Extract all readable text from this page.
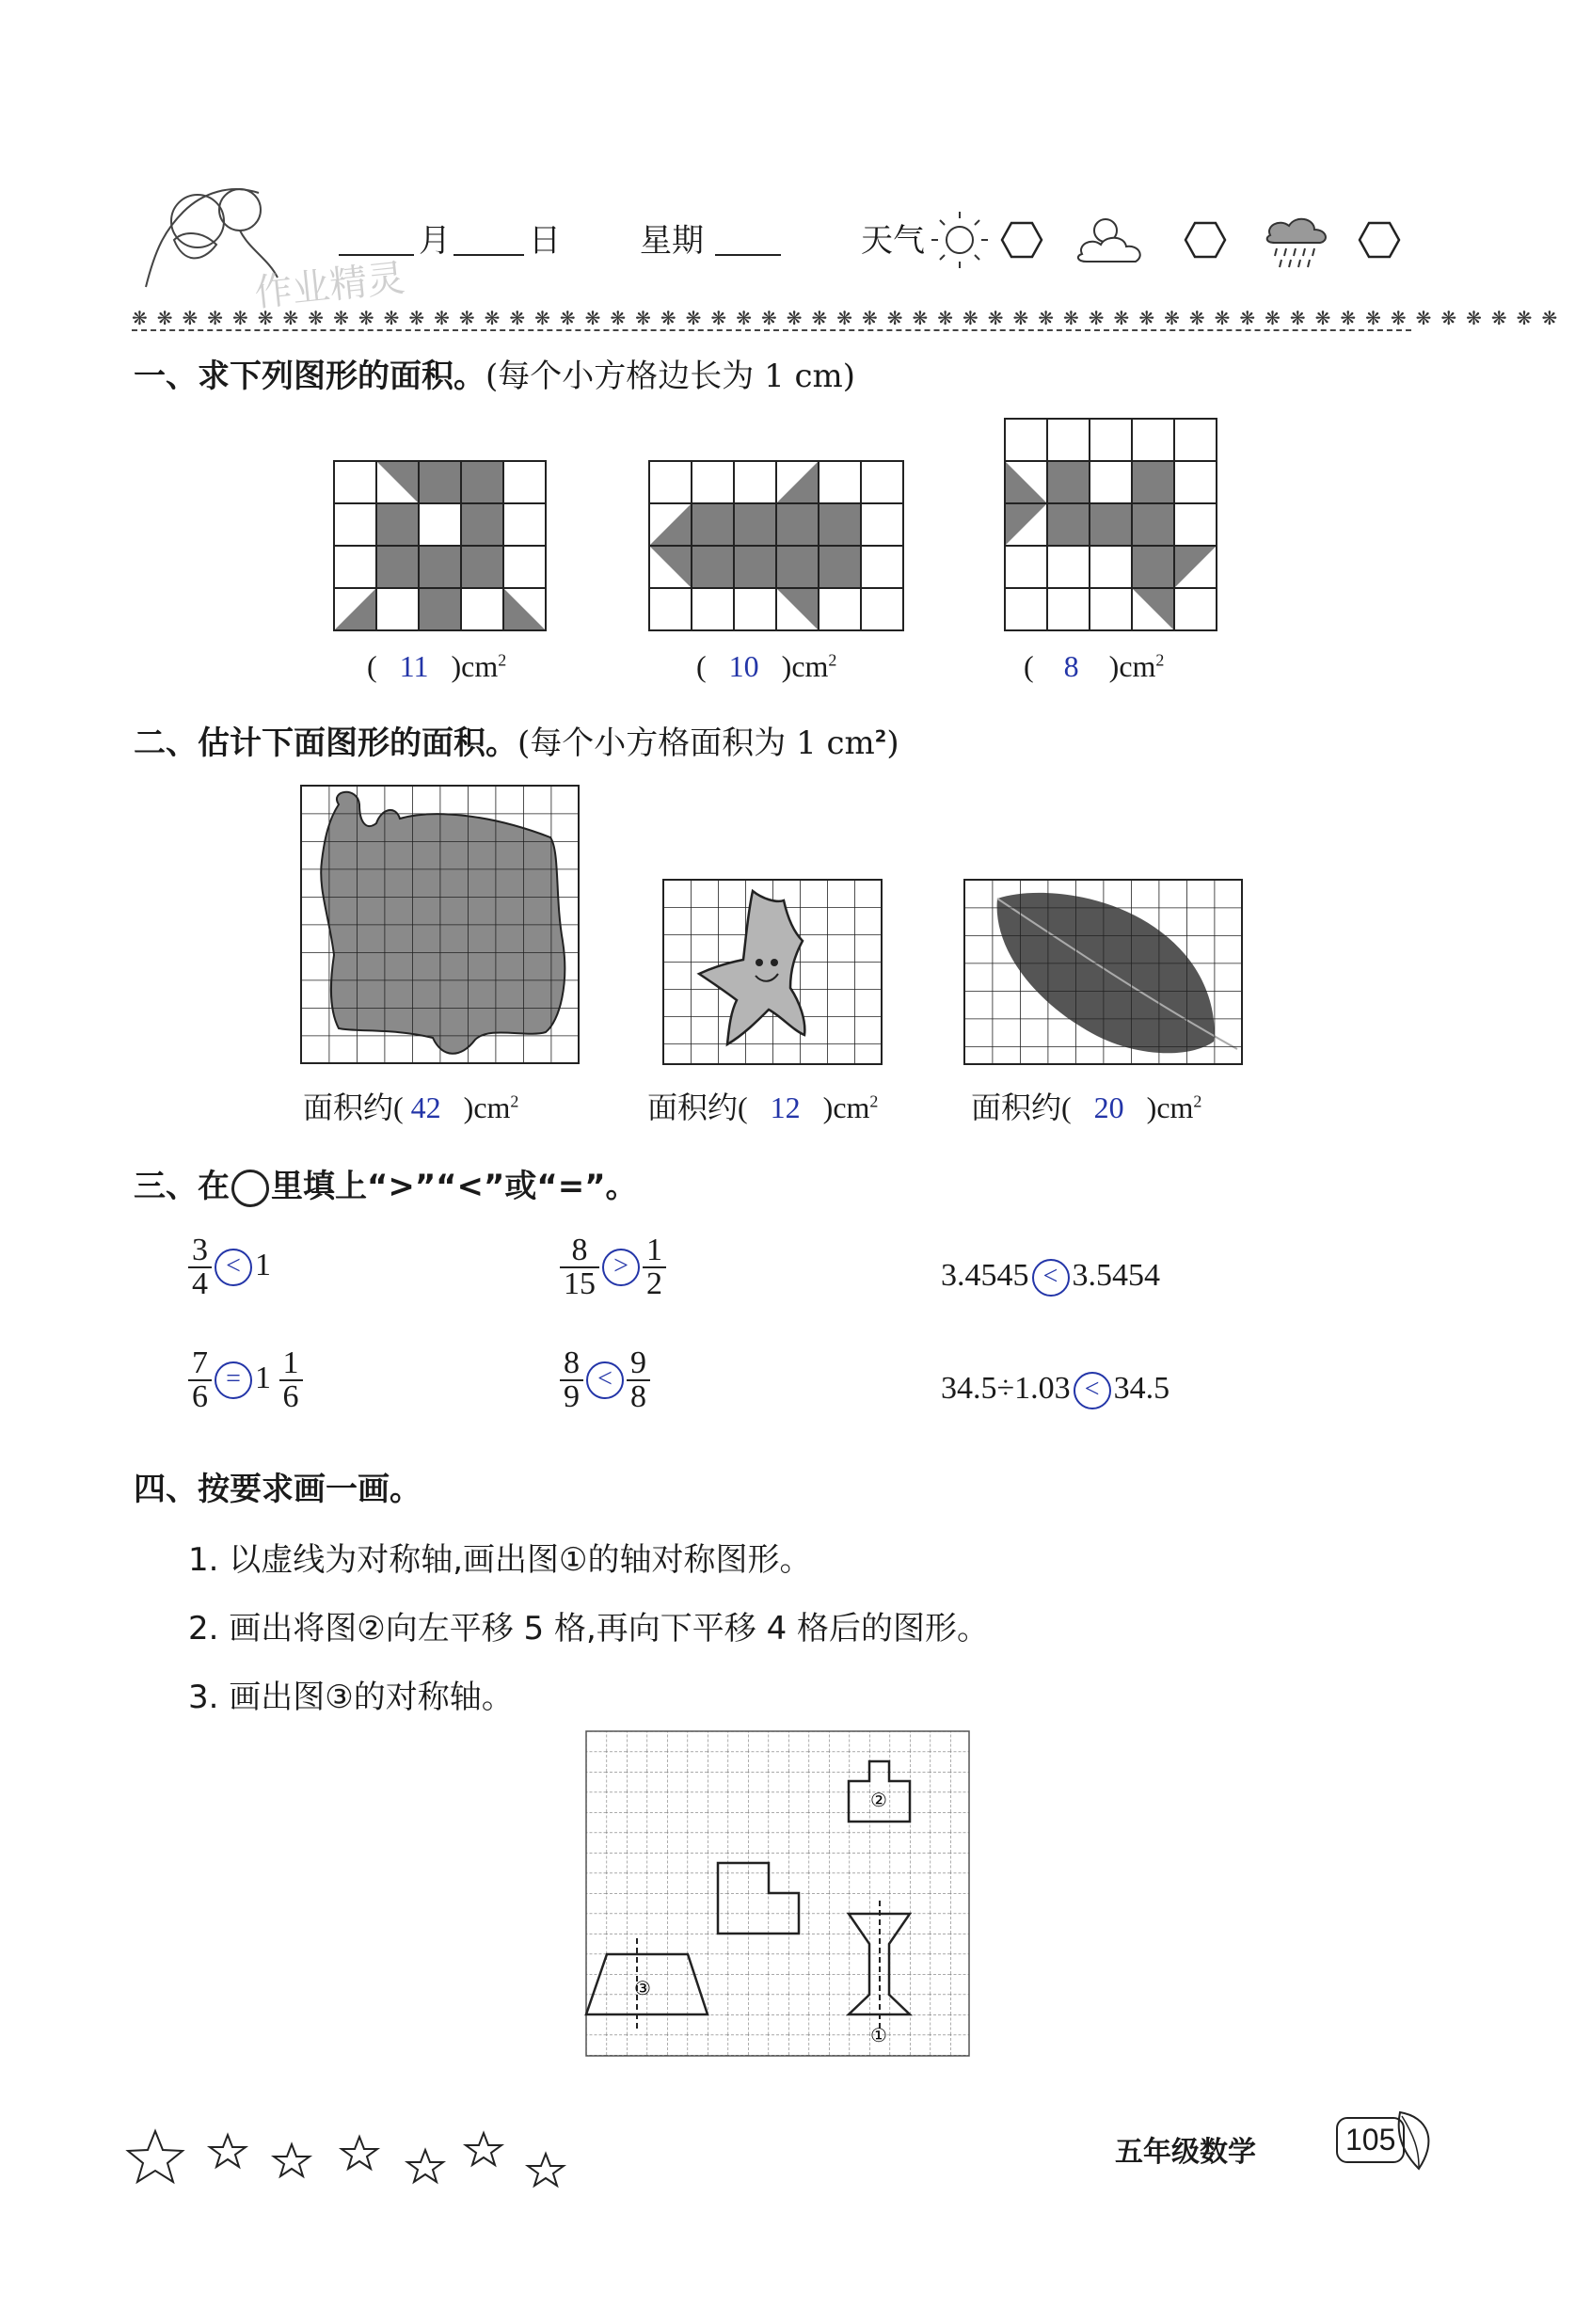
作业精灵
月 日 星期	天气
❋❋❋❋❋❋❋❋❋❋❋❋❋❋❋❋❋❋❋❋❋❋❋❋❋❋❋❋❋❋❋❋❋❋❋❋❋❋❋❋❋❋❋❋❋❋❋❋❋❋❋❋❋❋❋❋❋
一、求下列图形的面积。(每个小方格边长为 1 cm)
(   11   )$cm^2$	(   10   )$cm^2$	(    8    )$cm^2$
二、估计下面图形的面积。(每个小方格面积为 1 $cm^2$)
面积约( 42 )$cm^2$	面积约( 12 )$cm^2$	面积约( 20 )$cm^2$
三、在 里填上“>”“<”或“=”。
$\frac{3}{4} < 1$	$\frac{8}{15} > \frac{1}{2}$	3.4545 < 3.5454
$\frac{7}{6} = 1 \frac{1}{6}$	$\frac{8}{9} < \frac{9}{8}$	34.5÷1.03 < 34.5
四、按要求画一画。
1. 以虚线为对称轴,画出图①的轴对称图形。
2. 画出将图②向左平移 5 格,再向下平移 4 格后的图形。
3. 画出图③的对称轴。
②
③
①
五年级数学	105
